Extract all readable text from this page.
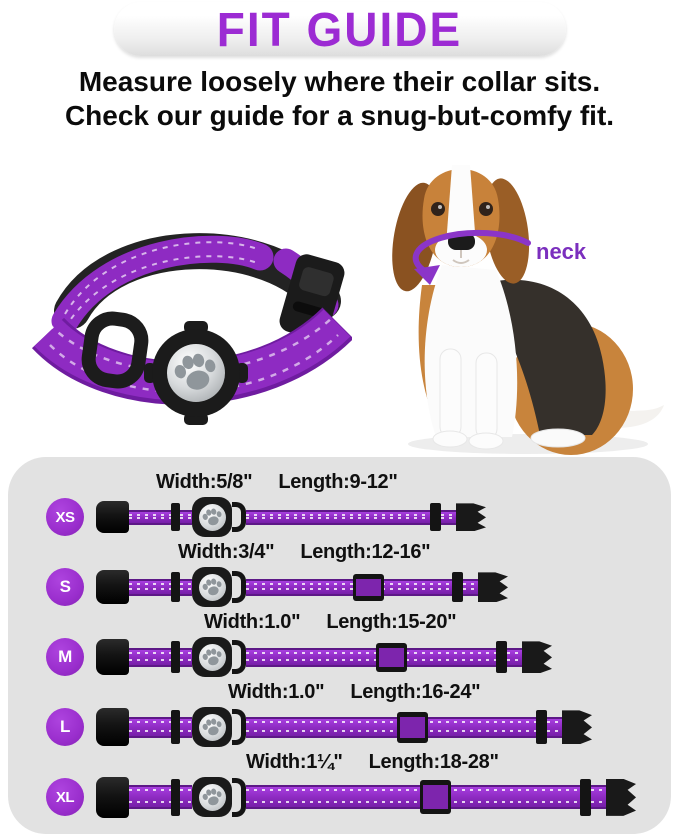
FIT GUIDE
Measure loosely where their collar sits.
Check our guide for a snug-but-comfy fit.
neck
Width:5/8" Length:9-12"
XS
Width:3/4" Length:12-16"
S
Width:1.0" Length:15-20"
M
Width:1.0" Length:16-24"
L
Width:1¼" Length:18-28"
XL
